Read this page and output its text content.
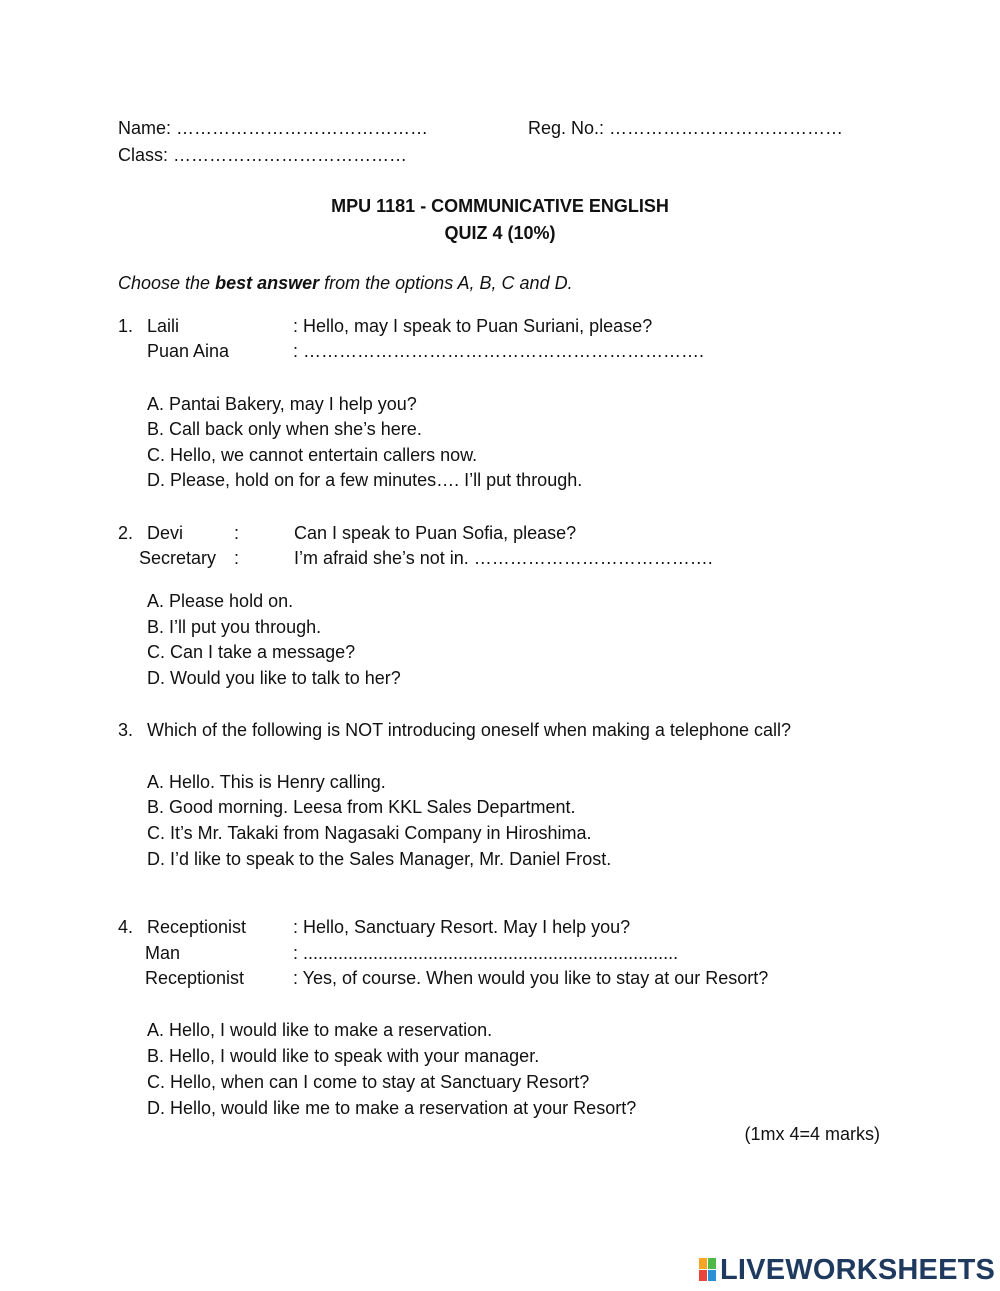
Name: ……………………………………	Reg. No.: …………………………………
Class: …………………………………
MPU 1181 - COMMUNICATIVE ENGLISH
QUIZ 4 (10%)
Choose the best answer from the options A, B, C and D.
1. Laili	: Hello, may I speak to Puan Suriani, please?
Puan Aina	: ………………………………………………………….
A. Pantai Bakery, may I help you?
B. Call back only when she’s here.
C. Hello, we cannot entertain callers now.
D. Please, hold on for a few minutes…. I’ll put through.
2. Devi	:	Can I speak to Puan Sofia, please?
Secretary :	I’m afraid she’s not in. ………………………………….
A. Please hold on.
B. I’ll put you through.
C. Can I take a message?
D. Would you like to talk to her?
3. Which of the following is NOT introducing oneself when making a telephone call?
A. Hello. This is Henry calling.
B. Good morning. Leesa from KKL Sales Department.
C. It’s Mr. Takaki from Nagasaki Company in Hiroshima.
D. I’d like to speak to the Sales Manager, Mr. Daniel Frost.
4. Receptionist	: Hello, Sanctuary Resort. May I help you?
Man	: ...........................................................................
Receptionist	: Yes, of course. When would you like to stay at our Resort?
A. Hello, I would like to make a reservation.
B. Hello, I would like to speak with your manager.
C. Hello, when can I come to stay at Sanctuary Resort?
D. Hello, would like me to make a reservation at your Resort?
(1mx 4=4 marks)
LIVEWORKSHEETS
